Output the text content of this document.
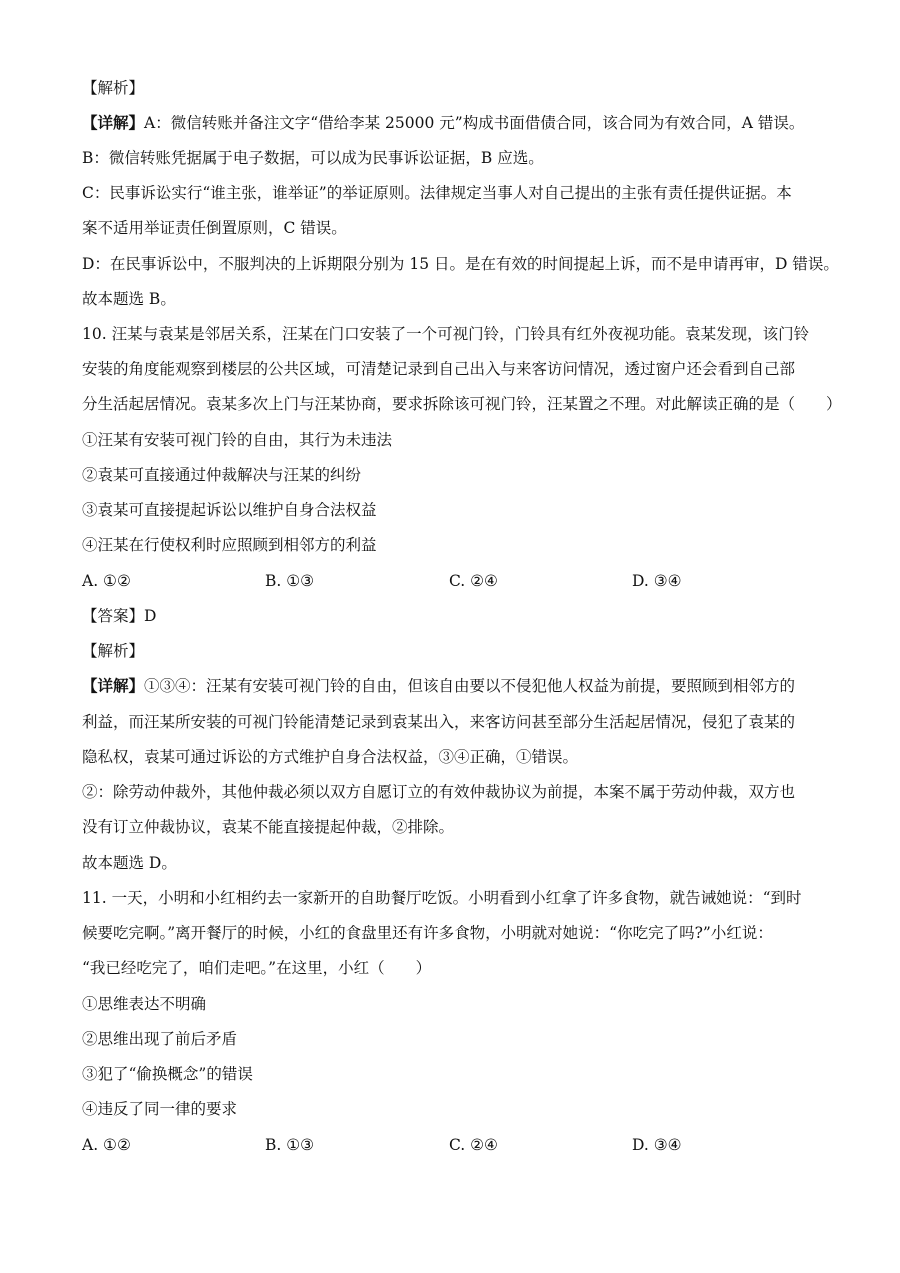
【解析】
【详解】A：微信转账并备注文字“借给李某 25000 元”构成书面借债合同，该合同为有效合同，A 错误。
B：微信转账凭据属于电子数据，可以成为民事诉讼证据，B 应选。
C：民事诉讼实行“谁主张，谁举证”的举证原则。法律规定当事人对自己提出的主张有责任提供证据。本
案不适用举证责任倒置原则，C 错误。
D：在民事诉讼中，不服判决的上诉期限分别为 15 日。是在有效的时间提起上诉，而不是申请再审，D 错误。
故本题选 B。
10. 汪某与袁某是邻居关系，汪某在门口安装了一个可视门铃，门铃具有红外夜视功能。袁某发现，该门铃
安装的角度能观察到楼层的公共区域，可清楚记录到自己出入与来客访问情况，透过窗户还会看到自己部
分生活起居情况。袁某多次上门与汪某协商，要求拆除该可视门铃，汪某置之不理。对此解读正确的是（　　）
①汪某有安装可视门铃的自由，其行为未违法
②袁某可直接通过仲裁解决与汪某的纠纷
③袁某可直接提起诉讼以维护自身合法权益
④汪某在行使权利时应照顾到相邻方的利益
A. ①②	B. ①③	C. ②④	D. ③④
【答案】D
【解析】
【详解】①③④：汪某有安装可视门铃的自由，但该自由要以不侵犯他人权益为前提，要照顾到相邻方的
利益，而汪某所安装的可视门铃能清楚记录到袁某出入，来客访问甚至部分生活起居情况，侵犯了袁某的
隐私权，袁某可通过诉讼的方式维护自身合法权益，③④正确，①错误。
②：除劳动仲裁外，其他仲裁必须以双方自愿订立的有效仲裁协议为前提，本案不属于劳动仲裁，双方也
没有订立仲裁协议，袁某不能直接提起仲裁，②排除。
故本题选 D。
11. 一天，小明和小红相约去一家新开的自助餐厅吃饭。小明看到小红拿了许多食物，就告诫她说：“到时
候要吃完啊。”离开餐厅的时候，小红的食盘里还有许多食物，小明就对她说：“你吃完了吗?”小红说：
“我已经吃完了，咱们走吧。”在这里，小红（　　）
①思维表达不明确
②思维出现了前后矛盾
③犯了“偷换概念”的错误
④违反了同一律的要求
A. ①②	B. ①③	C. ②④	D. ③④
